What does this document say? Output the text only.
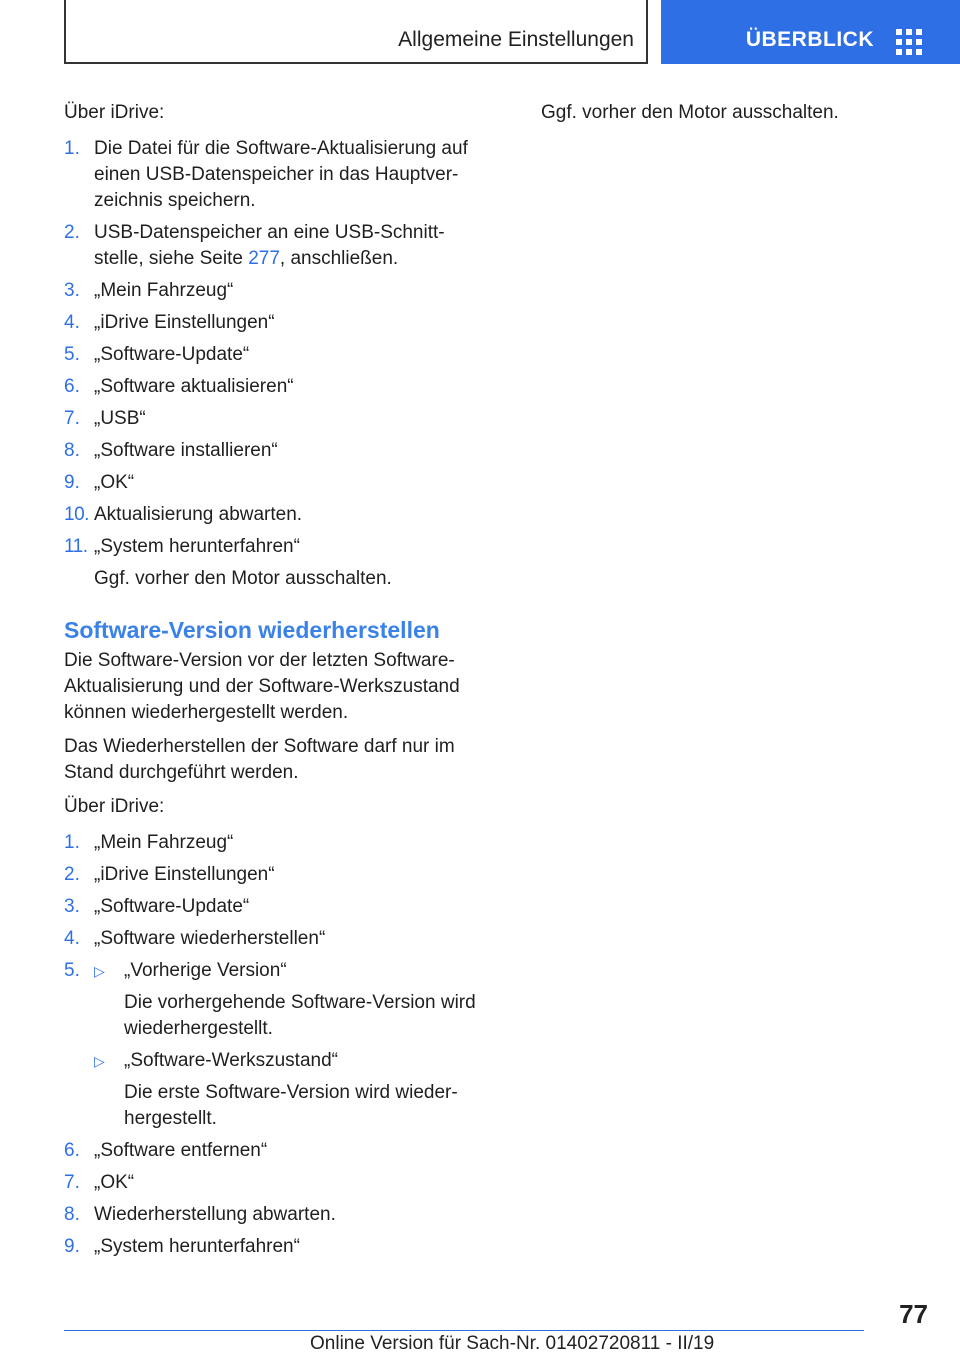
Allgemeine Einstellungen	ÜBERBLICK

Über iDrive:

1. Die Datei für die Software-Aktualisierung auf einen USB-Datenspeicher in das Hauptverzeichnis speichern.
2. USB-Datenspeicher an eine USB-Schnittstelle, siehe Seite 277, anschließen.
3. „Mein Fahrzeug“
4. „iDrive Einstellungen“
5. „Software-Update“
6. „Software aktualisieren“
7. „USB“
8. „Software installieren“
9. „OK“
10. Aktualisierung abwarten.
11. „System herunterfahren“

Ggf. vorher den Motor ausschalten.

Software-Version wiederherstellen

Die Software-Version vor der letzten Software-Aktualisierung und der Software-Werkszustand können wiederhergestellt werden.

Das Wiederherstellen der Software darf nur im Stand durchgeführt werden.

Über iDrive:

1. „Mein Fahrzeug“
2. „iDrive Einstellungen“
3. „Software-Update“
4. „Software wiederherstellen“
5. ▷ „Vorherige Version“

Die vorhergehende Software-Version wird wiederhergestellt.

▷ „Software-Werkszustand“

Die erste Software-Version wird wiederhergestellt.

6. „Software entfernen“
7. „OK“
8. Wiederherstellung abwarten.
9. „System herunterfahren“

Ggf. vorher den Motor ausschalten.

77
Online Version für Sach-Nr. 01402720811 - II/19
